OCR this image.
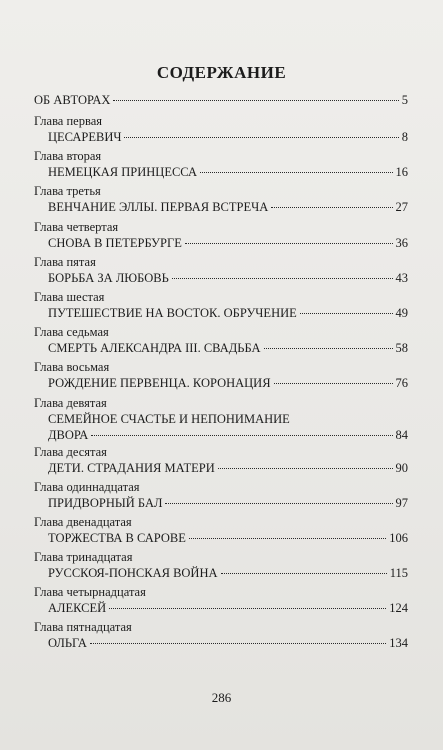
СОДЕРЖАНИЕ
ОБ АВТОРАХ	5
Глава первая
ЦЕСАРЕВИЧ	8
Глава вторая
НЕМЕЦКАЯ ПРИНЦЕССА	16
Глава третья
ВЕНЧАНИЕ ЭЛЛЫ. ПЕРВАЯ ВСТРЕЧА	27
Глава четвертая
СНОВА В ПЕТЕРБУРГЕ	36
Глава пятая
БОРЬБА ЗА ЛЮБОВЬ	43
Глава шестая
ПУТЕШЕСТВИЕ НА ВОСТОК. ОБРУЧЕНИЕ	49
Глава седьмая
СМЕРТЬ АЛЕКСАНДРА III. СВАДЬБА	58
Глава восьмая
РОЖДЕНИЕ ПЕРВЕНЦА. КОРОНАЦИЯ	76
Глава девятая
СЕМЕЙНОЕ СЧАСТЬЕ И НЕПОНИМАНИЕ
ДВОРА	84
Глава десятая
ДЕТИ. СТРАДАНИЯ МАТЕРИ	90
Глава одиннадцатая
ПРИДВОРНЫЙ БАЛ	97
Глава двенадцатая
ТОРЖЕСТВА В САРОВЕ	106
Глава тринадцатая
РУССКОЯ-ПОНСКАЯ ВОЙНА	115
Глава четырнадцатая
АЛЕКСЕЙ	124
Глава пятнадцатая
ОЛЬГА	134
286
